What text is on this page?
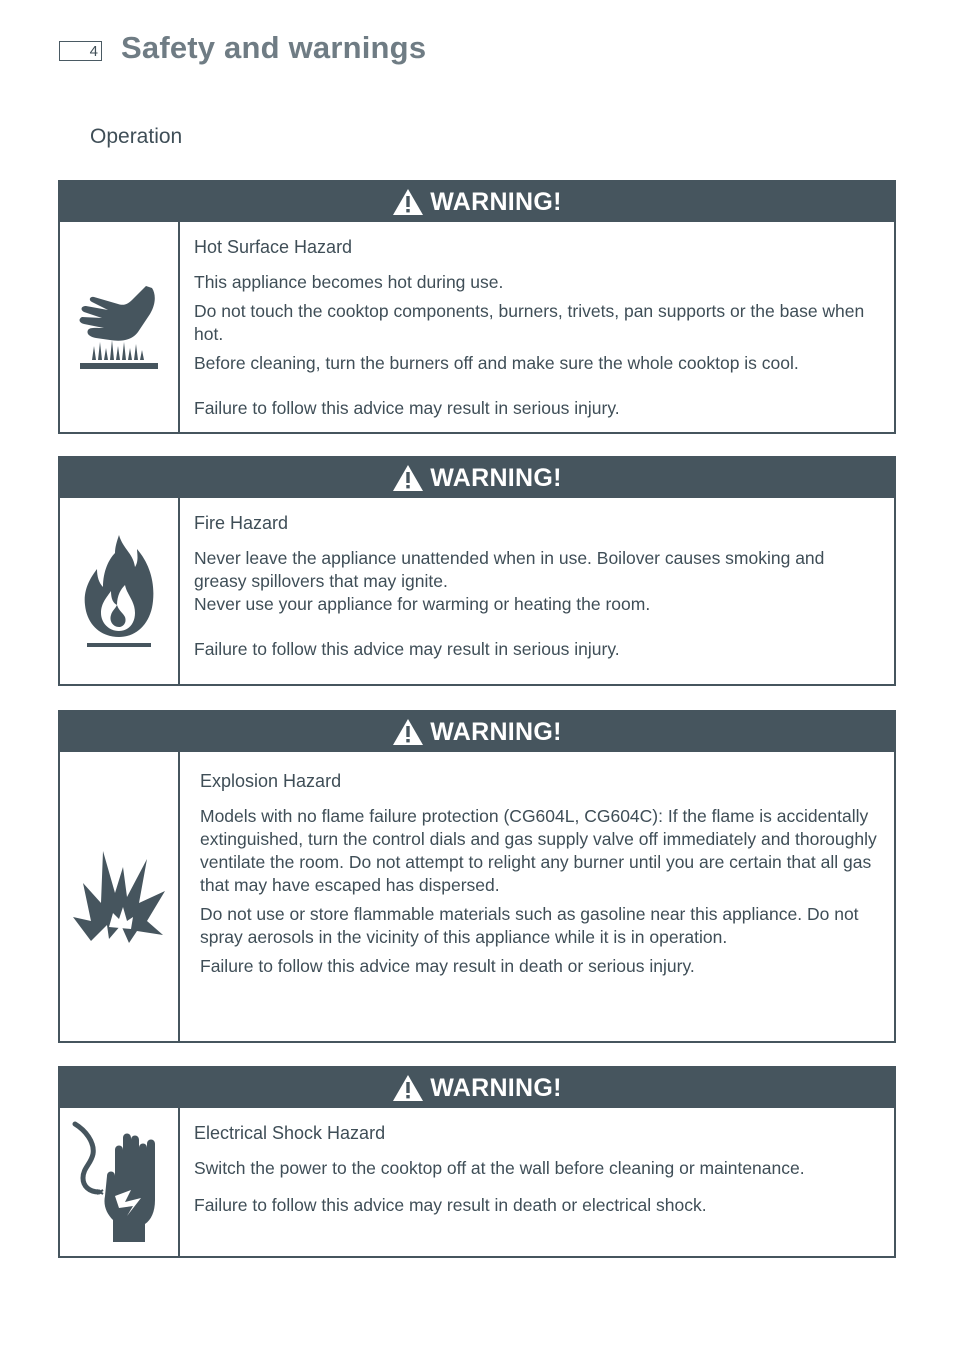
4 Safety and warnings
Operation
WARNING!
Hot Surface Hazard

This appliance becomes hot during use.

Do not touch the cooktop components, burners, trivets, pan supports or the base when hot.

Before cleaning, turn the burners off and make sure the whole cooktop is cool.

Failure to follow this advice may result in serious injury.

WARNING!
Fire Hazard

Never leave the appliance unattended when in use. Boilover causes smoking and greasy spillovers that may ignite.

Never use your appliance for warming or heating the room.

Failure to follow this advice may result in serious injury.

WARNING!
Explosion Hazard

Models with no flame failure protection (CG604L, CG604C): If the flame is accidentally extinguished, turn the control dials and gas supply valve off immediately and thoroughly ventilate the room. Do not attempt to relight any burner until you are certain that all gas that may have escaped has dispersed.

Do not use or store flammable materials such as gasoline near this appliance. Do not spray aerosols in the vicinity of this appliance while it is in operation.

Failure to follow this advice may result in death or serious injury.

WARNING!
Electrical Shock Hazard

Switch the power to the cooktop off at the wall before cleaning or maintenance.

Failure to follow this advice may result in death or electrical shock.
